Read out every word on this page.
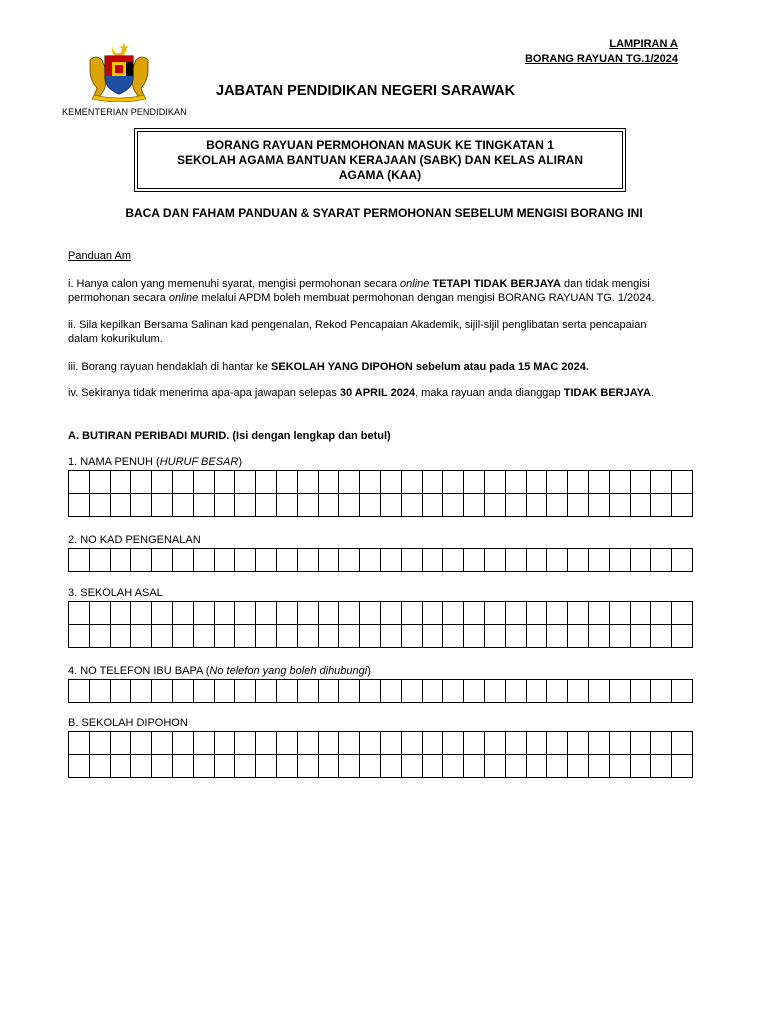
LAMPIRAN A
BORANG RAYUAN TG.1/2024
KEMENTERIAN PENDIDIKAN
JABATAN PENDIDIKAN NEGERI SARAWAK
BORANG RAYUAN PERMOHONAN MASUK KE TINGKATAN 1
SEKOLAH AGAMA BANTUAN KERAJAAN (SABK) DAN KELAS ALIRAN
AGAMA (KAA)
BACA DAN FAHAM PANDUAN & SYARAT PERMOHONAN SEBELUM MENGISI BORANG INI
Panduan Am
i. Hanya calon yang memenuhi syarat, mengisi permohonan secara online TETAPI TIDAK BERJAYA dan tidak mengisi
permohonan secara online melalui APDM boleh membuat permohonan dengan mengisi BORANG RAYUAN TG. 1/2024.
ii. Sila kepilkan Bersama Salinan kad pengenalan, Rekod Pencapaian Akademik, sijil-sijil penglibatan serta pencapaian
dalam kokurikulum.
iii. Borang rayuan hendaklah di hantar ke SEKOLAH YANG DIPOHON sebelum atau pada 15 MAC 2024.
iv. Sekiranya tidak menerima apa-apa jawapan selepas 30 APRIL 2024, maka rayuan anda dianggap TIDAK BERJAYA.
A. BUTIRAN PERIBADI MURID. (Isi dengan lengkap dan betul)
1. NAMA PENUH (HURUF BESAR)
2. NO KAD PENGENALAN
3. SEKOLAH ASAL
4. NO TELEFON IBU BAPA (No telefon yang boleh dihubungi)
B. SEKOLAH DIPOHON
